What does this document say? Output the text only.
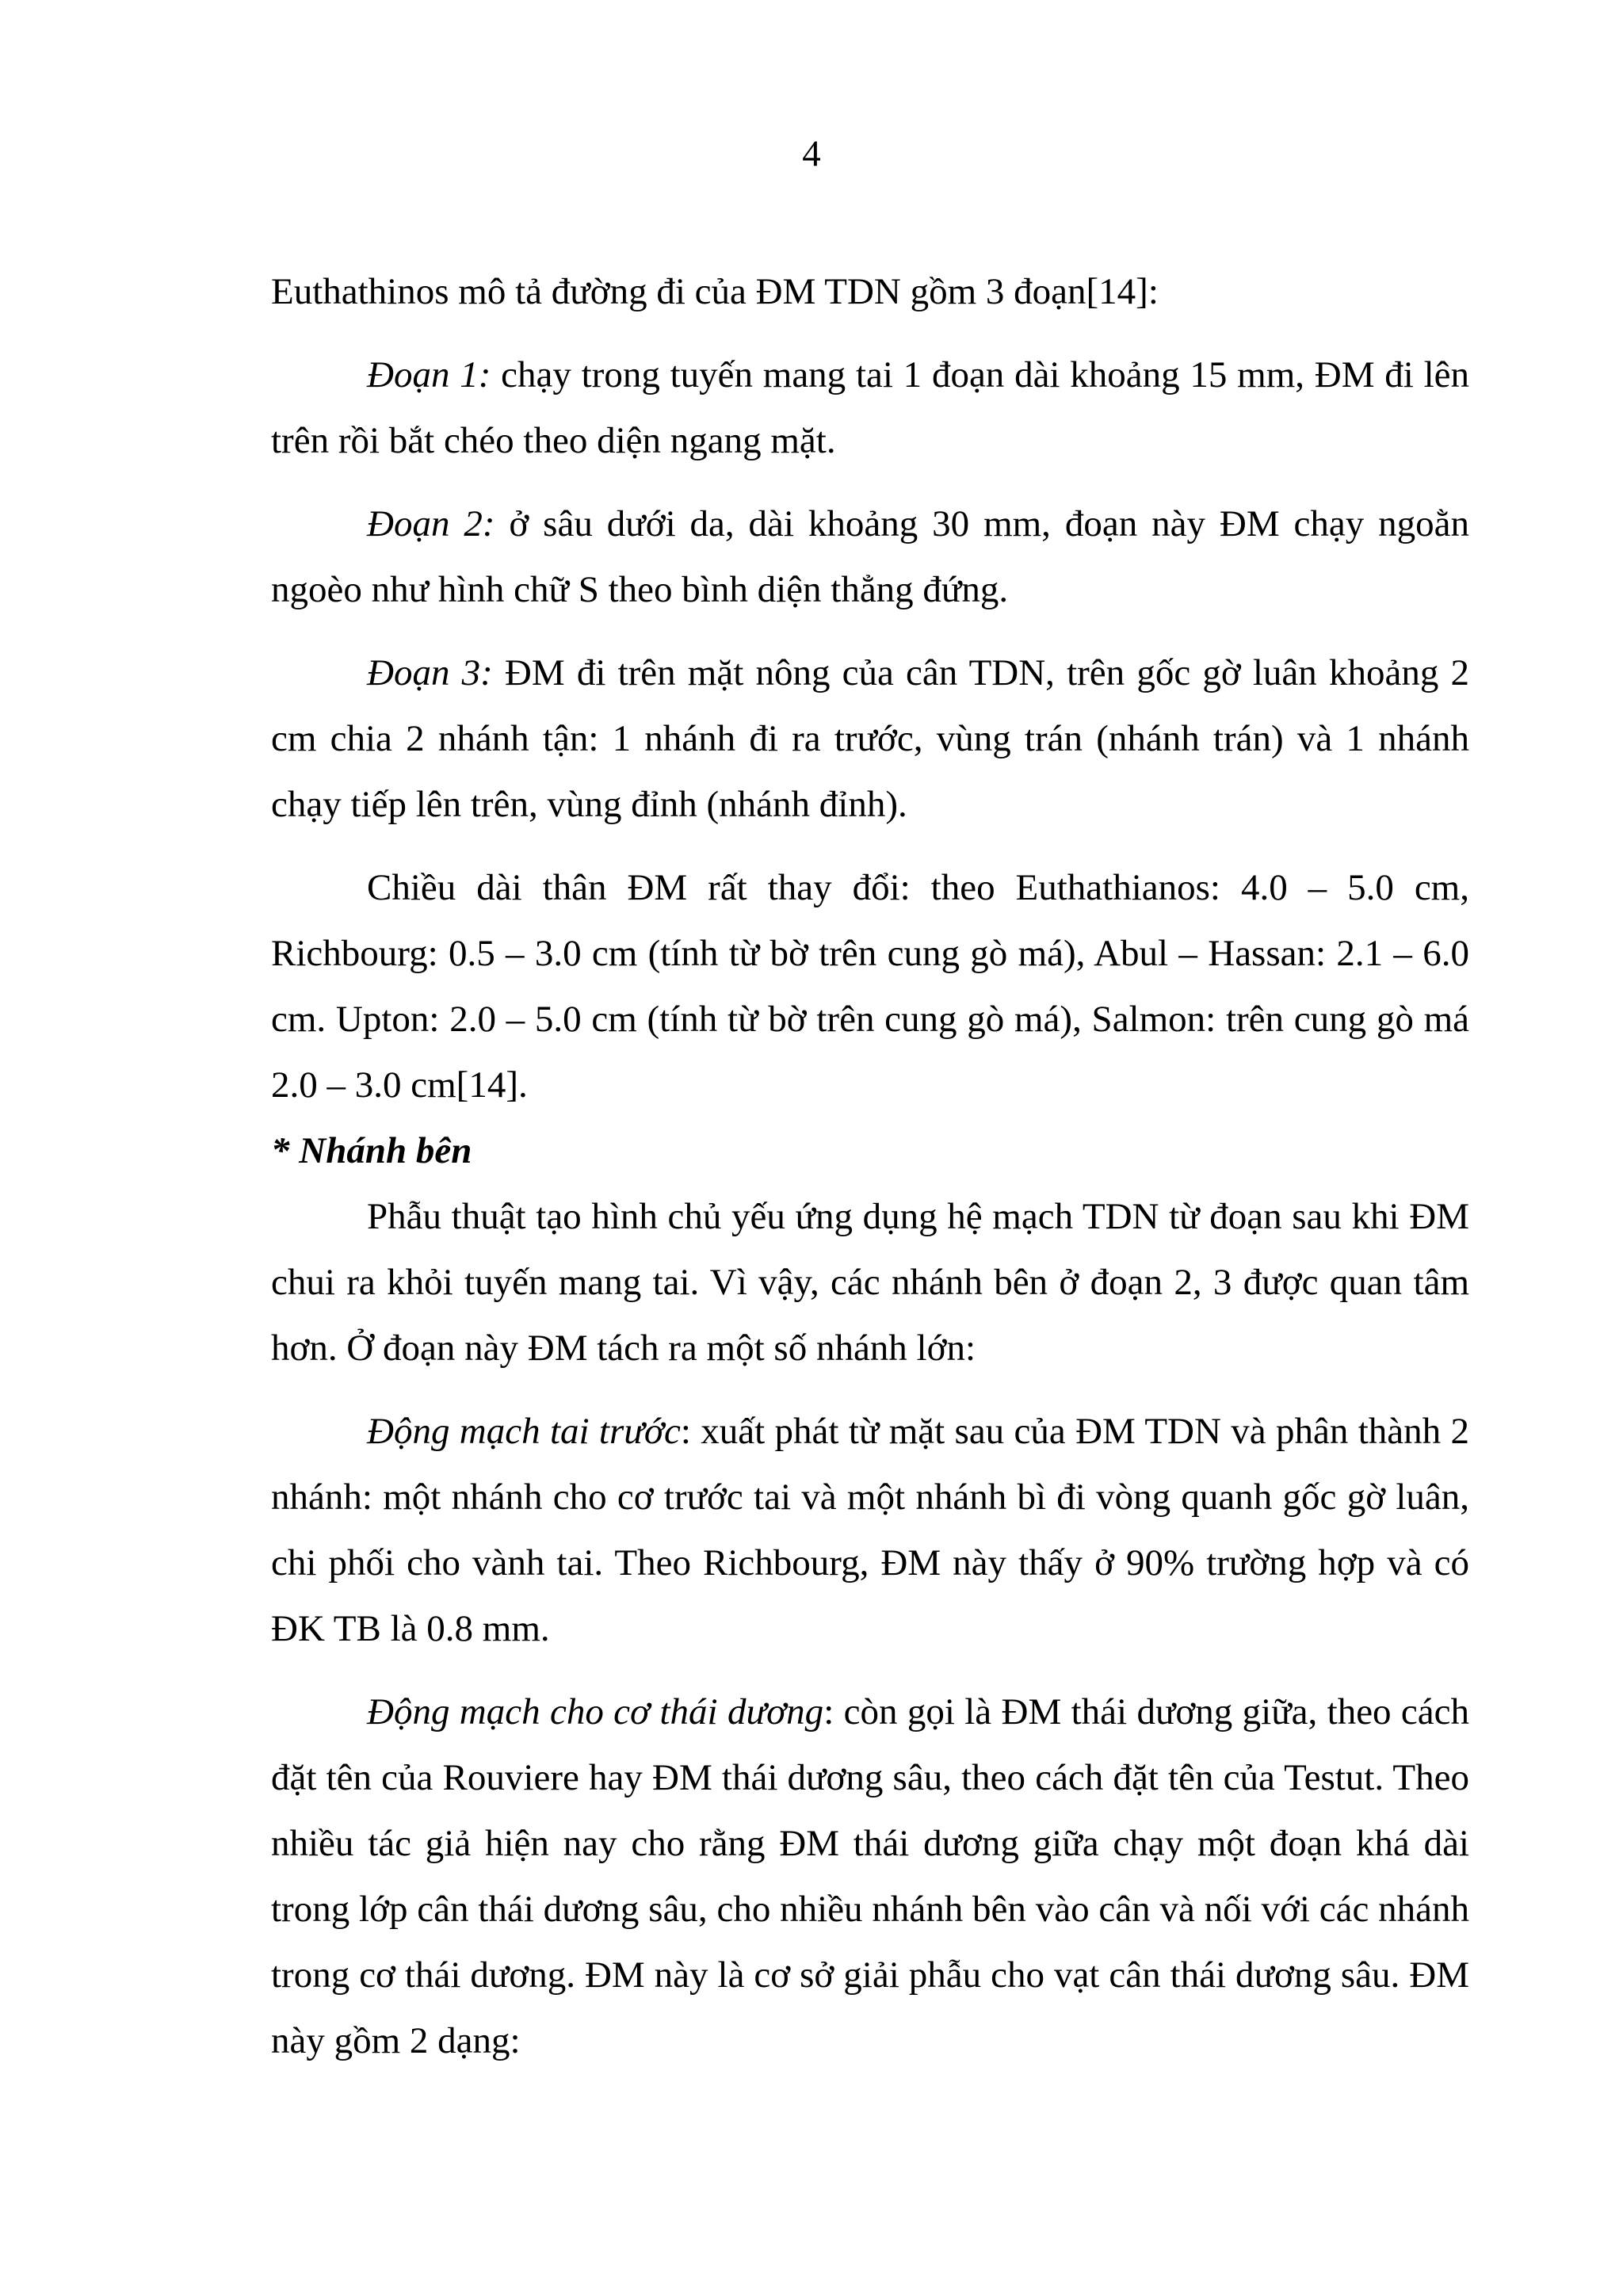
4

Euthathinos mô tả đường đi của ĐM TDN gồm 3 đoạn[14]:

Đoạn 1: chạy trong tuyến mang tai 1 đoạn dài khoảng 15 mm, ĐM đi lên trên rồi bắt chéo theo diện ngang mặt.

Đoạn 2: ở sâu dưới da, dài khoảng 30 mm, đoạn này ĐM chạy ngoằn ngoèo như hình chữ S theo bình diện thẳng đứng.

Đoạn 3: ĐM đi trên mặt nông của cân TDN, trên gốc gờ luân khoảng 2 cm chia 2 nhánh tận: 1 nhánh đi ra trước, vùng trán (nhánh trán) và 1 nhánh chạy tiếp lên trên, vùng đỉnh (nhánh đỉnh).

Chiều dài thân ĐM rất thay đổi: theo Euthathianos: 4.0 – 5.0 cm, Richbourg: 0.5 – 3.0 cm (tính từ bờ trên cung gò má), Abul – Hassan: 2.1 – 6.0 cm. Upton: 2.0 – 5.0 cm (tính từ bờ trên cung gò má), Salmon: trên cung gò má 2.0 – 3.0 cm[14].

* Nhánh bên

Phẫu thuật tạo hình chủ yếu ứng dụng hệ mạch TDN từ đoạn sau khi ĐM chui ra khỏi tuyến mang tai. Vì vậy, các nhánh bên ở đoạn 2, 3 được quan tâm hơn. Ở đoạn này ĐM tách ra một số nhánh lớn:

Động mạch tai trước: xuất phát từ mặt sau của ĐM TDN và phân thành 2 nhánh: một nhánh cho cơ trước tai và một nhánh bì đi vòng quanh gốc gờ luân, chi phối cho vành tai. Theo Richbourg, ĐM này thấy ở 90% trường hợp và có ĐK TB là 0.8 mm.

Động mạch cho cơ thái dương: còn gọi là ĐM thái dương giữa, theo cách đặt tên của Rouviere hay ĐM thái dương sâu, theo cách đặt tên của Testut. Theo nhiều tác giả hiện nay cho rằng ĐM thái dương giữa chạy một đoạn khá dài trong lớp cân thái dương sâu, cho nhiều nhánh bên vào cân và nối với các nhánh trong cơ thái dương. ĐM này là cơ sở giải phẫu cho vạt cân thái dương sâu. ĐM này gồm 2 dạng:
